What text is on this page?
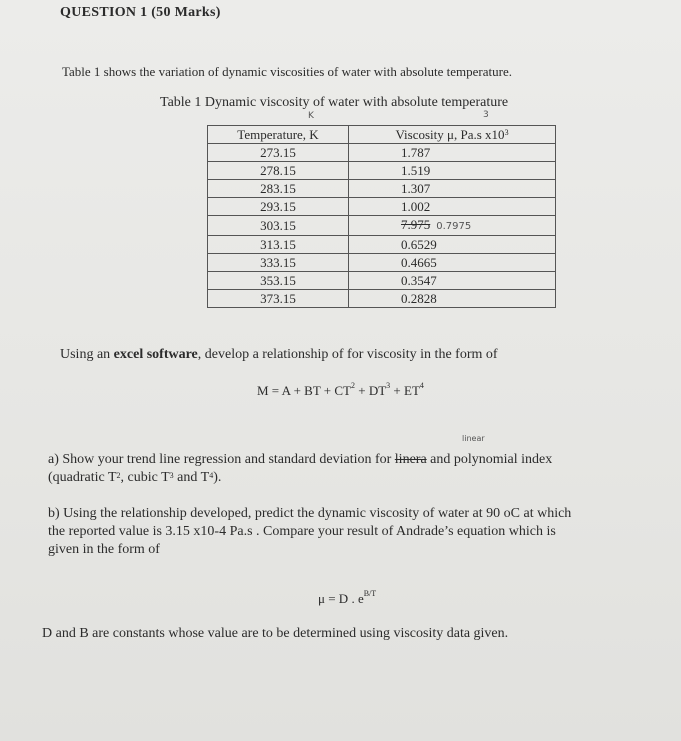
QUESTION 1 (50 Marks)
Table 1 shows the variation of dynamic viscosities of water with absolute temperature.
Table 1 Dynamic viscosity of water with absolute temperature
K	3
Temperature, K	Viscosity μ, Pa.s $x10^3$
273.15	1.787
278.15	1.519
283.15	1.307
293.15	1.002
303.15	7.975 0.7975
313.15	0.6529
333.15	0.4665
353.15	0.3547
373.15	0.2828
Using an excel software, develop a relationship of for viscosity in the form of
M = A + BT + $CT^2 + DT^3 + ET^4$
linear
a) Show your trend line regression and standard deviation for linera and polynomial index
(quadratic $T^2$, cubic $T^3$ and $T^4$).
b) Using the relationship developed, predict the dynamic viscosity of water at 90 oC at which
the reported value is 3.15 x10-4 Pa.s . Compare your result of Andrade’s equation which is
given in the form of
μ = D . $e^{B/T}$
D and B are constants whose value are to be determined using viscosity data given.
